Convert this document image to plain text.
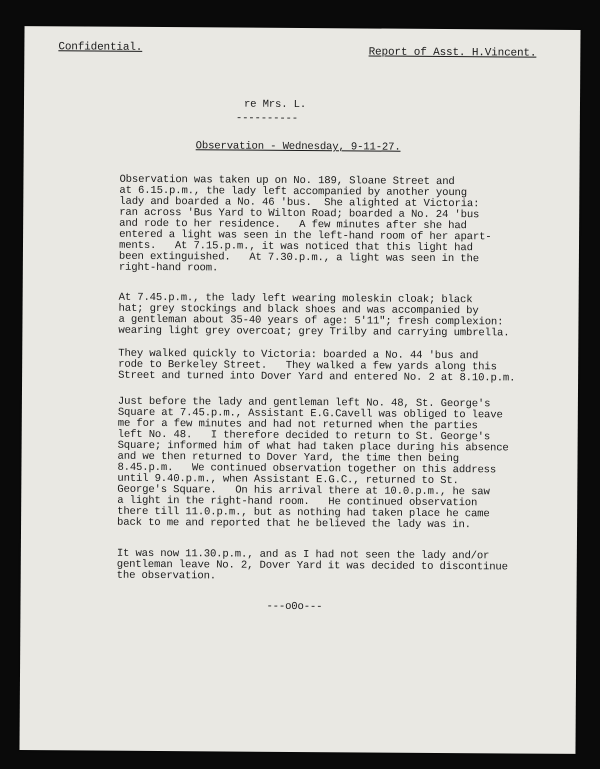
Confidential.	Report of Asst. H.Vincent.
re Mrs. L.
----------
Observation - Wednesday, 9-11-27.
Observation was taken up on No. 189, Sloane Street and
at 6.15.p.m., the lady left accompanied by another young
lady and boarded a No. 46 'bus.  She alighted at Victoria:
ran across 'Bus Yard to Wilton Road; boarded a No. 24 'bus
and rode to her residence.   A few minutes after she had
entered a light was seen in the left-hand room of her apart-
ments.   At 7.15.p.m., it was noticed that this light had
been extinguished.   At 7.30.p.m., a light was seen in the
right-hand room.
At 7.45.p.m., the lady left wearing moleskin cloak; black
hat; grey stockings and black shoes and was accompanied by
a gentleman about 35-40 years of age: 5'11"; fresh complexion:
wearing light grey overcoat; grey Trilby and carrying umbrella.
They walked quickly to Victoria: boarded a No. 44 'bus and
rode to Berkeley Street.   They walked a few yards along this
Street and turned into Dover Yard and entered No. 2 at 8.10.p.m.
Just before the lady and gentleman left No. 48, St. George's
Square at 7.45.p.m., Assistant E.G.Cavell was obliged to leave
me for a few minutes and had not returned when the parties
left No. 48.   I therefore decided to return to St. George's
Square; informed him of what had taken place during his absence
and we then returned to Dover Yard, the time then being
8.45.p.m.   We continued observation together on this address
until 9.40.p.m., when Assistant E.G.C., returned to St.
George's Square.   On his arrival there at 10.0.p.m., he saw
a light in the right-hand room.   He continued observation
there till 11.0.p.m., but as nothing had taken place he came
back to me and reported that he believed the lady was in.
It was now 11.30.p.m., and as I had not seen the lady and/or
gentleman leave No. 2, Dover Yard it was decided to discontinue
the observation.
---o0o---
